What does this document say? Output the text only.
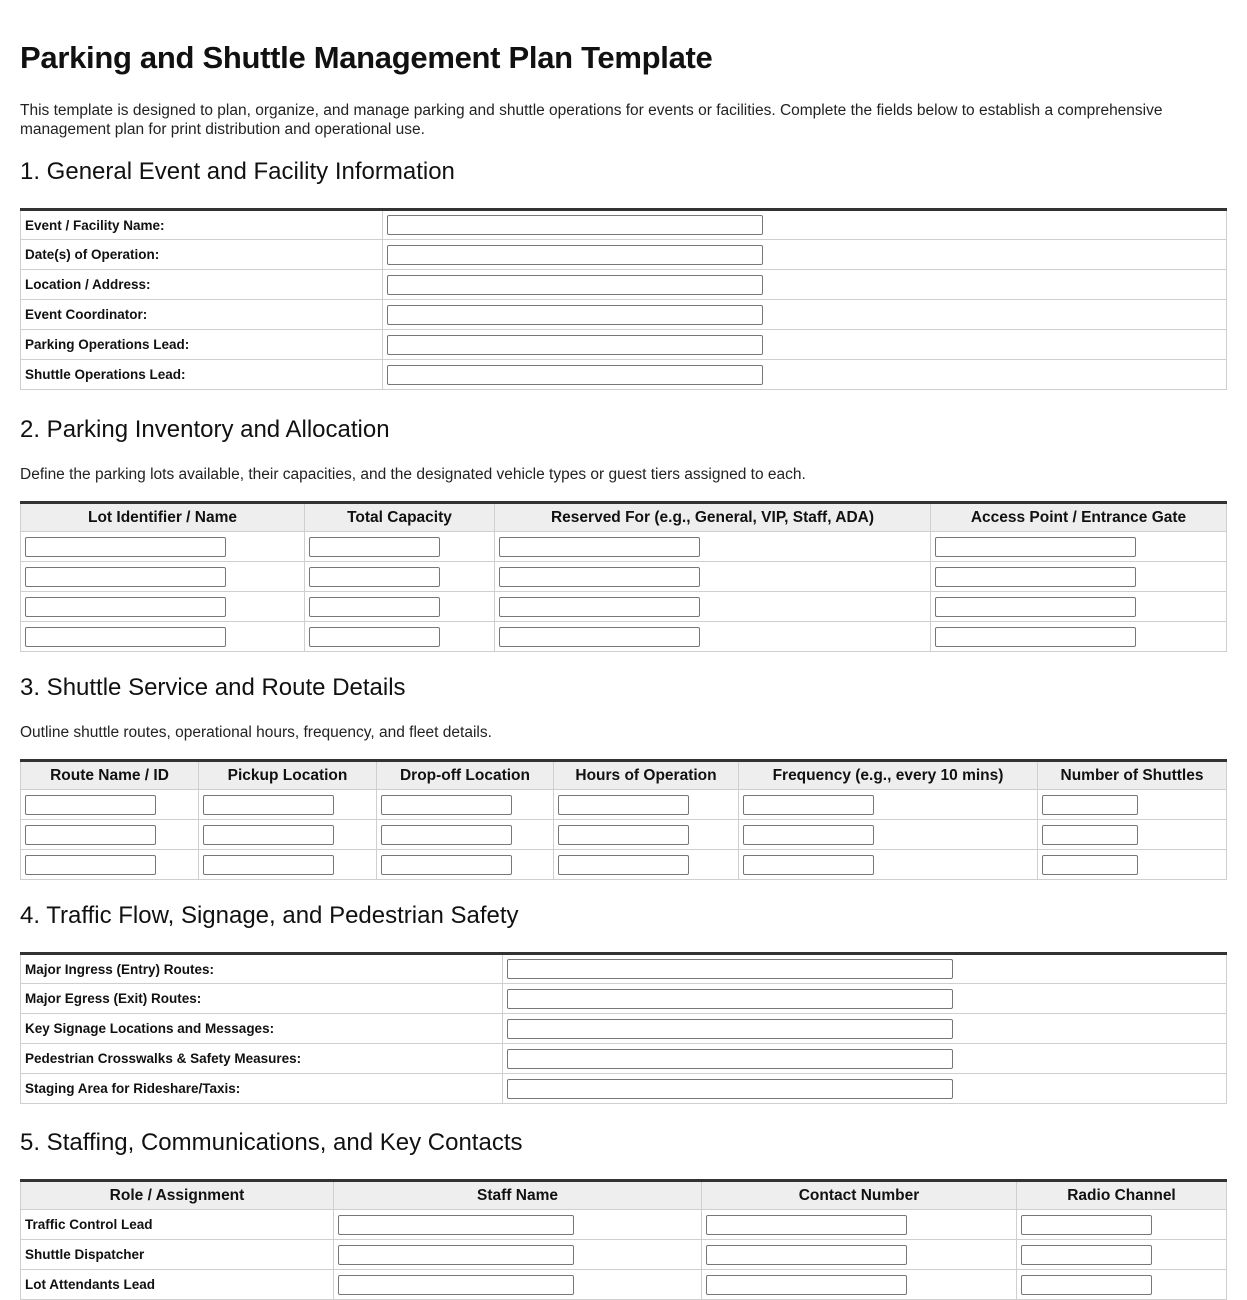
Parking and Shuttle Management Plan Template
This template is designed to plan, organize, and manage parking and shuttle operations for events or facilities. Complete the fields below to establish a comprehensive management plan for print distribution and operational use.
1. General Event and Facility Information
Event / Facility Name:	

Date(s) of Operation:	

Location / Address:	

Event Coordinator:	

Parking Operations Lead:	

Shuttle Operations Lead:	
2. Parking Inventory and Allocation
Define the parking lots available, their capacities, and the designated vehicle types or guest tiers assigned to each.
Lot Identifier / Name	Total Capacity	Reserved For (e.g., General, VIP, Staff, ADA)	Access Point / Entrance Gate

3. Shuttle Service and Route Details
Outline shuttle routes, operational hours, frequency, and fleet details.
Route Name / ID	Pickup Location	Drop-off Location	Hours of Operation	Frequency (e.g., every 10 mins)	Number of Shuttles

4. Traffic Flow, Signage, and Pedestrian Safety
Major Ingress (Entry) Routes:	

Major Egress (Exit) Routes:	

Key Signage Locations and Messages:	

Pedestrian Crosswalks & Safety Measures:	

Staging Area for Rideshare/Taxis:	
5. Staffing, Communications, and Key Contacts
Role / Assignment	Staff Name	Contact Number	Radio Channel
Traffic Control Lead	

Shuttle Dispatcher	

Lot Attendants Lead	
